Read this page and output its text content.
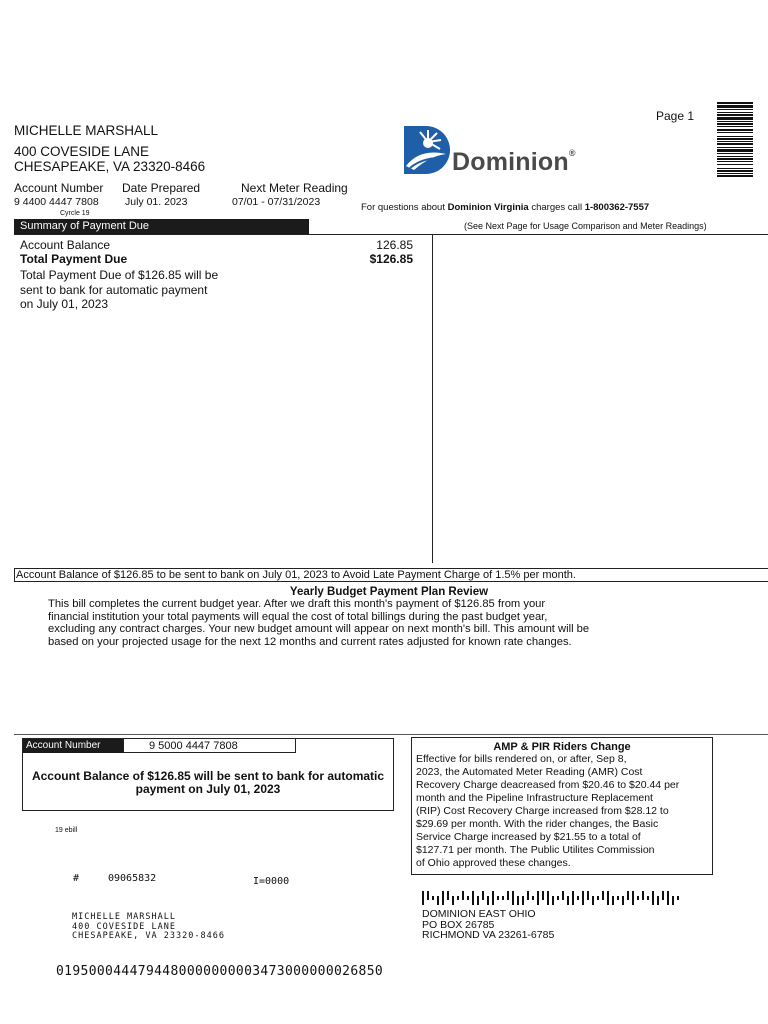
Page 1
MICHELLE MARSHALL
400 COVESIDE LANE
CHESAPEAKE, VA 23320-8466	Dominion®
Account Number
9 4400 4447 7808
Cyrcle 19
Date Prepared
July 01. 2023
Next Meter Reading
07/01 - 07/31/2023	For questions about Dominion Virginia charges call 1-800362-7557
Summary of Payment Due	(See Next Page for Usage Comparison and Meter Readings)
Account Balance	126.85
Total Payment Due	$126.85
Total Payment Due of $126.85 will be
sent to bank for automatic payment
on July 01, 2023
Account Balance of $126.85 to be sent to bank on July 01, 2023 to Avoid Late Payment Charge of 1.5% per month.
Yearly Budget Payment Plan Review
This bill completes the current budget year. After we draft this month's payment of $126.85 from your
financial institution your total payments will equal the cost of total billings during the past budget year,
excluding any contract charges. Your new budget amount will appear on next month's bill. This amount will be
based on your projected usage for the next 12 months and current rates adjusted for known rate changes.
Account Number	9 5000 4447 7808
Account Balance of $126.85 will be sent to bank for automatic
payment on July 01, 2023
AMP & PIR Riders Change
Effective for bills rendered on, or after, Sep 8,
2023, the Automated Meter Reading (AMR) Cost
Recovery Charge deacreased from $20.46 to $20.44 per
month and the Pipeline Infrastructure Replacement
(RIP) Cost Recovery Charge increased from $28.12 to
$29.69 per month. With the rider changes, the Basic
Service Charge increased by $21.55 to a total of
$127.71 per month. The Public Utilites Commission
of Ohio approved these changes.
19 ebill
#	09065832	I=0000
MICHELLE MARSHALL
400 COVESIDE LANE
CHESAPEAKE, VA 23320-8466
DOMINION EAST OHIO
PO BOX 26785
RICHMOND VA 23261-6785
0195000444794480000000003473000000026850
